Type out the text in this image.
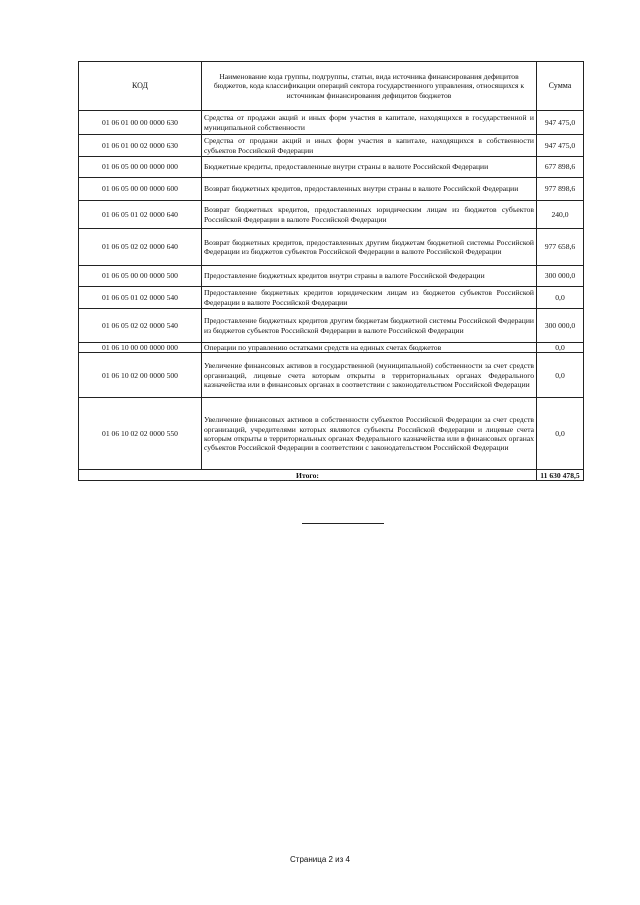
КОД	Наименование кода группы, подгруппы, статьи, вида источника финансирования дефицитов бюджетов, кода классификации операций сектора государственного управления, относящихся к источникам финансирования дефицитов бюджетов	Сумма
01 06 01 00 00 0000 630	Средства от продажи акций и иных форм участия в капитале, находящихся в государственной и муниципальной собственности	947 475,0
01 06 01 00 02 0000 630	Средства от продажи акций и иных форм участия в капитале, находящихся в собственности субъектов Российской Федерации	947 475,0
01 06 05 00 00 0000 000	Бюджетные кредиты, предоставленные внутри страны в валюте Российской Федерации	677 898,6
01 06 05 00 00 0000 600	Возврат бюджетных кредитов, предоставленных внутри страны в валюте Российской Федерации	977 898,6
01 06 05 01 02 0000 640	Возврат бюджетных кредитов, предоставленных юридическим лицам из бюджетов субъектов Российской Федерации в валюте Российской Федерации	240,0
01 06 05 02 02 0000 640	Возврат бюджетных кредитов, предоставленных другим бюджетам бюджетной системы Российской Федерации из бюджетов субъектов Российской Федерации в валюте Российской Федерации	977 658,6
01 06 05 00 00 0000 500	Предоставление бюджетных кредитов внутри страны в валюте Российской Федерации	300 000,0
01 06 05 01 02 0000 540	Предоставление бюджетных кредитов юридическим лицам из бюджетов субъектов Российской Федерации в валюте Российской Федерации	0,0
01 06 05 02 02 0000 540	Предоставление бюджетных кредитов другим бюджетам бюджетной системы Российской Федерации из бюджетов субъектов Российской Федерации в валюте Российской Федерации	300 000,0
01 06 10 00 00 0000 000	Операции по управлению остатками средств на единых счетах бюджетов	0,0
01 06 10 02 00 0000 500	Увеличение финансовых активов в государственной (муниципальной) собственности за счет средств организаций, лицевые счета которым открыты в территориальных органах Федерального казначейства или в финансовых органах в соответствии с законодательством Российской Федерации	0,0
01 06 10 02 02 0000 550	Увеличение финансовых активов в собственности субъектов Российской Федерации за счет средств организаций, учредителями которых являются субъекты Российской Федерации и лицевые счета которым открыты в территориальных органах Федерального казначейства или в финансовых органах субъектов Российской Федерации в соответствии с законодательством Российской Федерации	0,0
Итого:		11 630 478,5
Страница 2 из 4
